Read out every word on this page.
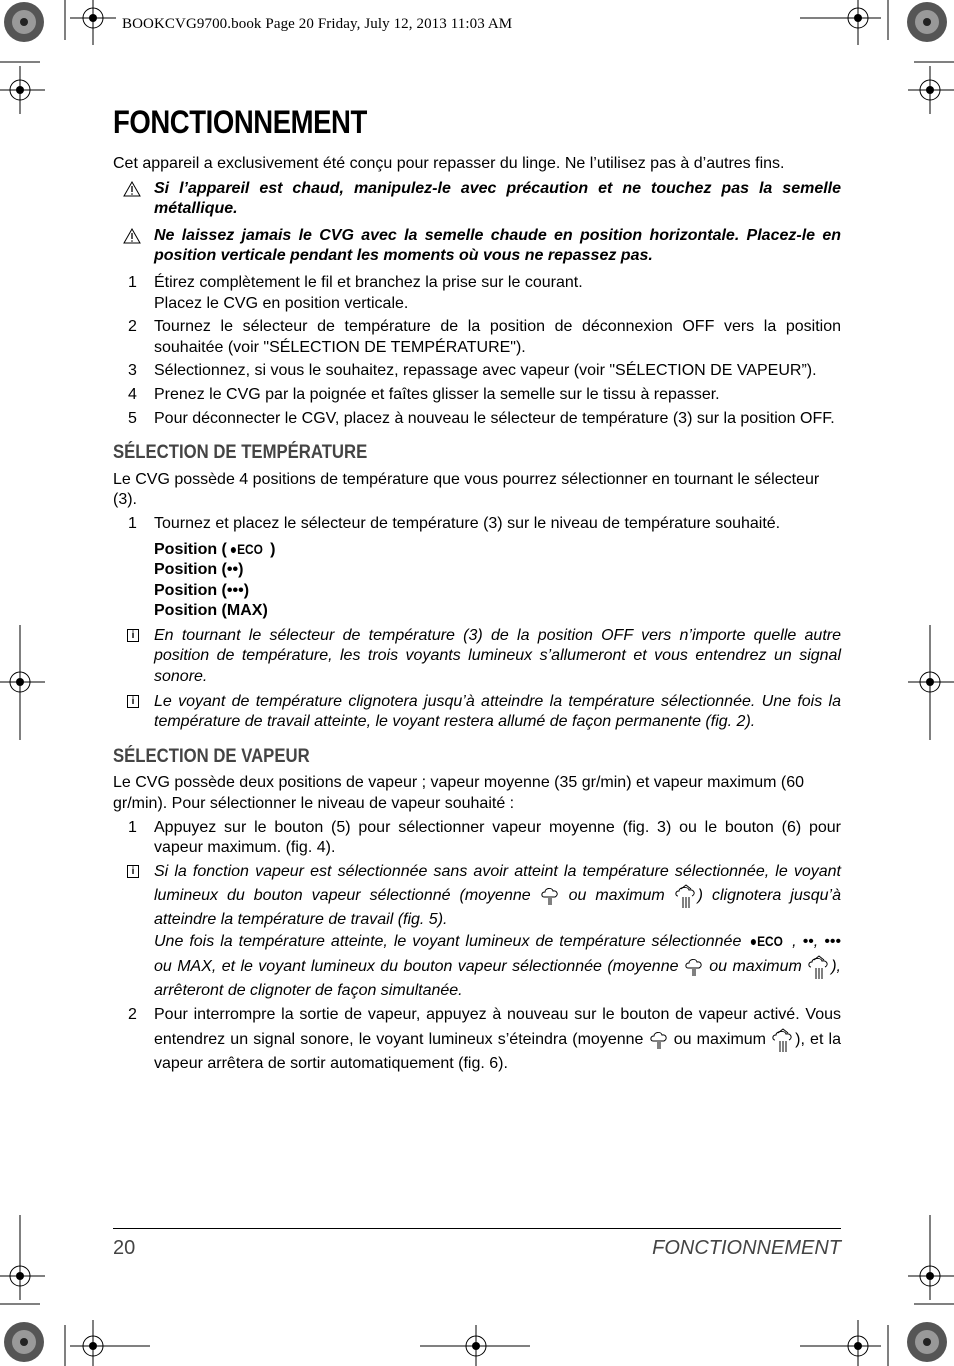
BOOKCVG9700.book Page 20 Friday, July 12, 2013 11:03 AM
FONCTIONNEMENT

Cet appareil a exclusivement été conçu pour repasser du linge. Ne l’utilisez pas à d’autres fins.

Si l’appareil est chaud, manipulez-le avec précaution et ne touchez pas la semelle métallique.
Ne laissez jamais le CVG avec la semelle chaude en position horizontale. Placez-le en position verticale pendant les moments où vous ne repassez pas.
1	Étirez complètement le fil et branchez la prise sur le courant.
Placez le CVG en position verticale.
2	Tournez le sélecteur de température de la position de déconnexion OFF vers la position souhaitée (voir "SÉLECTION DE TEMPÉRATURE").
3	Sélectionnez, si vous le souhaitez, repassage avec vapeur (voir "SÉLECTION DE VAPEUR”).
4	Prenez le CVG par la poignée et faîtes glisser la semelle sur le tissu à repasser.
5	Pour déconnecter le CGV, placez à nouveau le sélecteur de température (3) sur la position OFF.
SÉLECTION DE TEMPÉRATURE

Le CVG possède 4 positions de température que vous pourrez sélectionner en tournant le sélecteur (3).

1	Tournez et placez le sélecteur de température (3) sur le niveau de température souhaité.
Position ( ●ECO )
Position (••)
Position (•••)
Position (MAX)
i En tournant le sélecteur de température (3) de la position OFF vers n’importe quelle autre position de température, les trois voyants lumineux s’allumeront et vous entendrez un signal sonore.
i Le voyant de température clignotera jusqu’à atteindre la température sélectionnée. Une fois la température de travail atteinte, le voyant restera allumé de façon permanente (fig. 2).
SÉLECTION DE VAPEUR

Le CVG possède deux positions de vapeur ; vapeur moyenne (35 gr/min) et vapeur maximum (60 gr/min). Pour sélectionner le niveau de vapeur souhaité :

1	Appuyez sur le bouton (5) pour sélectionner vapeur moyenne (fig. 3) ou le bouton (6) pour vapeur maximum. (fig. 4).
i Si la fonction vapeur est sélectionnée sans avoir atteint la température sélectionnée, le voyant lumineux du bouton vapeur sélectionné (moyenne  ou maximum ) clignotera jusqu’à atteindre la température de travail (fig. 5).
Une fois la température atteinte, le voyant lumineux de température sélectionnée ●ECO , ••, ••• ou MAX, et le voyant lumineux du bouton vapeur sélectionnée (moyenne  ou maximum ), arrêteront de clignoter de façon simultanée.
2	Pour interrompre la sortie de vapeur, appuyez à nouveau sur le bouton de vapeur activé. Vous entendrez un signal sonore, le voyant lumineux s’éteindra (moyenne  ou maximum ), et la vapeur arrêtera de sortir automatiquement (fig. 6).
20	FONCTIONNEMENT
